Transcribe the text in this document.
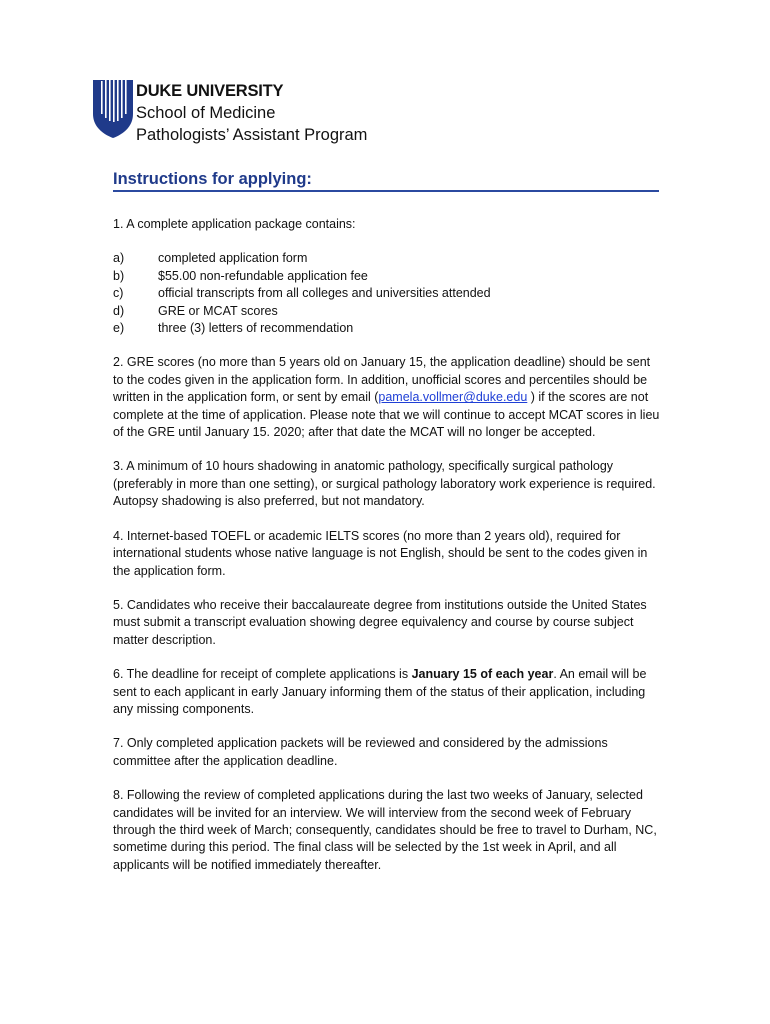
DUKE UNIVERSITY
School of Medicine
Pathologists’ Assistant Program
Instructions for applying:

1. A complete application package contains:

a)	completed application form
b)	$55.00 non-refundable application fee
c)	official transcripts from all colleges and universities attended
d)	GRE or MCAT scores
e)	three (3) letters of recommendation

2. GRE scores (no more than 5 years old on January 15, the application deadline) should be sent to the codes given in the application form. In addition, unofficial scores and percentiles should be written in the application form, or sent by email (pamela.vollmer@duke.edu ) if the scores are not complete at the time of application. Please note that we will continue to accept MCAT scores in lieu of the GRE until January 15. 2020; after that date the MCAT will no longer be accepted.

3. A minimum of 10 hours shadowing in anatomic pathology, specifically surgical pathology (preferably in more than one setting), or surgical pathology laboratory work experience is required. Autopsy shadowing is also preferred, but not mandatory.

4. Internet-based TOEFL or academic IELTS scores (no more than 2 years old), required for international students whose native language is not English, should be sent to the codes given in the application form.

5. Candidates who receive their baccalaureate degree from institutions outside the United States must submit a transcript evaluation showing degree equivalency and course by course subject matter description.

6. The deadline for receipt of complete applications is January 15 of each year. An email will be sent to each applicant in early January informing them of the status of their application, including any missing components.

7. Only completed application packets will be reviewed and considered by the admissions committee after the application deadline.

8. Following the review of completed applications during the last two weeks of January, selected candidates will be invited for an interview. We will interview from the second week of February through the third week of March; consequently, candidates should be free to travel to Durham, NC, sometime during this period. The final class will be selected by the 1st week in April, and all applicants will be notified immediately thereafter.
